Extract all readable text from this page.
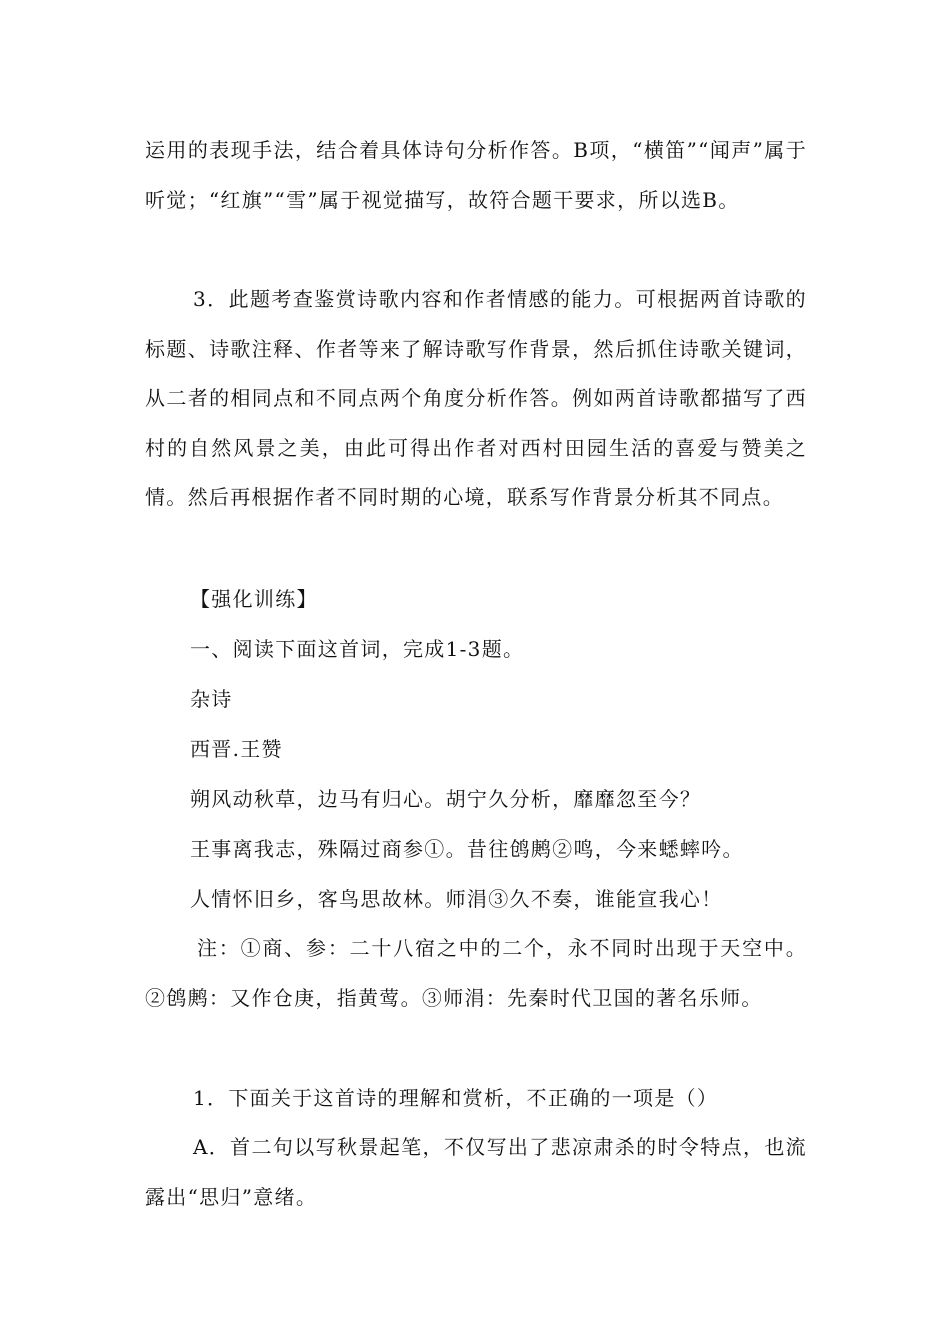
运用的表现手法，结合着具体诗句分析作答。B项，“横笛”“闻声”属于听觉；“红旗”“雪”属于视觉描写，故符合题干要求，所以选B。

3．此题考查鉴赏诗歌内容和作者情感的能力。可根据两首诗歌的标题、诗歌注释、作者等来了解诗歌写作背景，然后抓住诗歌关键词，从二者的相同点和不同点两个角度分析作答。例如两首诗歌都描写了西村的自然风景之美，由此可得出作者对西村田园生活的喜爱与赞美之情。然后再根据作者不同时期的心境，联系写作背景分析其不同点。

【强化训练】

一、阅读下面这首词，完成1-3题。

杂诗

西晋.王赞

朔风动秋草，边马有归心。胡宁久分析，靡靡忽至今？

王事离我志，殊隔过商参①。昔往鸧鹒②鸣，今来蟋蟀吟。

人情怀旧乡，客鸟思故林。师涓③久不奏，谁能宣我心！

注：①商、参：二十八宿之中的二个，永不同时出现于天空中。②鸧鹒：又作仓庚，指黄莺。③师涓：先秦时代卫国的著名乐师。

1．下面关于这首诗的理解和赏析，不正确的一项是（）

A．首二句以写秋景起笔，不仅写出了悲凉肃杀的时令特点，也流露出“思归”意绪。
